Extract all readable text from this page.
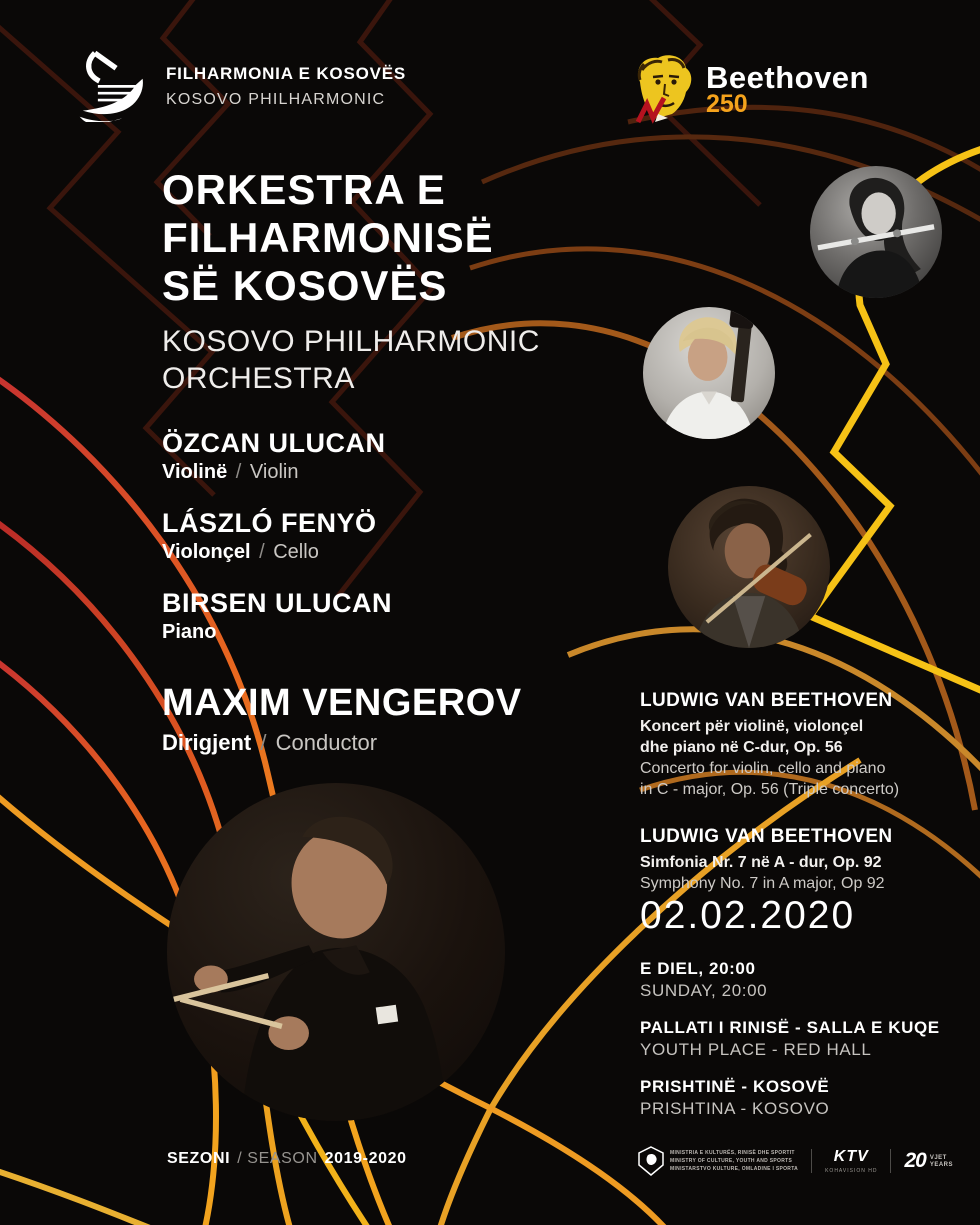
FILHARMONIA E KOSOVËS
KOSOVO PHILHARMONIC
Beethoven
250
ORKESTRA E
FILHARMONISË
SË KOSOVËS
KOSOVO PHILHARMONIC
ORCHESTRA
ÖZCAN ULUCAN
Violinë / Violin
LÁSZLÓ FENYÖ
Violonçel / Cello
BIRSEN ULUCAN
Piano
MAXIM VENGEROV
Dirigjent / Conductor
LUDWIG VAN BEETHOVEN
Koncert për violinë, violonçel
dhe piano në C-dur, Op. 56
Concerto for violin, cello and piano
in C - major, Op. 56 (Triple concerto)
LUDWIG VAN BEETHOVEN
Simfonia Nr. 7 në A - dur, Op. 92
Symphony No. 7 in A major, Op 92
02.02.2020
E DIEL, 20:00
SUNDAY, 20:00
PALLATI I RINISË - SALLA E KUQE
YOUTH PLACE - RED HALL
PRISHTINË - KOSOVË
PRISHTINA - KOSOVO
SEZONI / SEASON 2019-2020	MINISTRIA E KULTURËS, RINISË DHE SPORTIT
MINISTRY OF CULTURE, YOUTH AND SPORTS
MINISTARSTVO KULTURE, OMLADINE I SPORTA
KTV
KOHAVISION HD 20 VJET
YEARS
